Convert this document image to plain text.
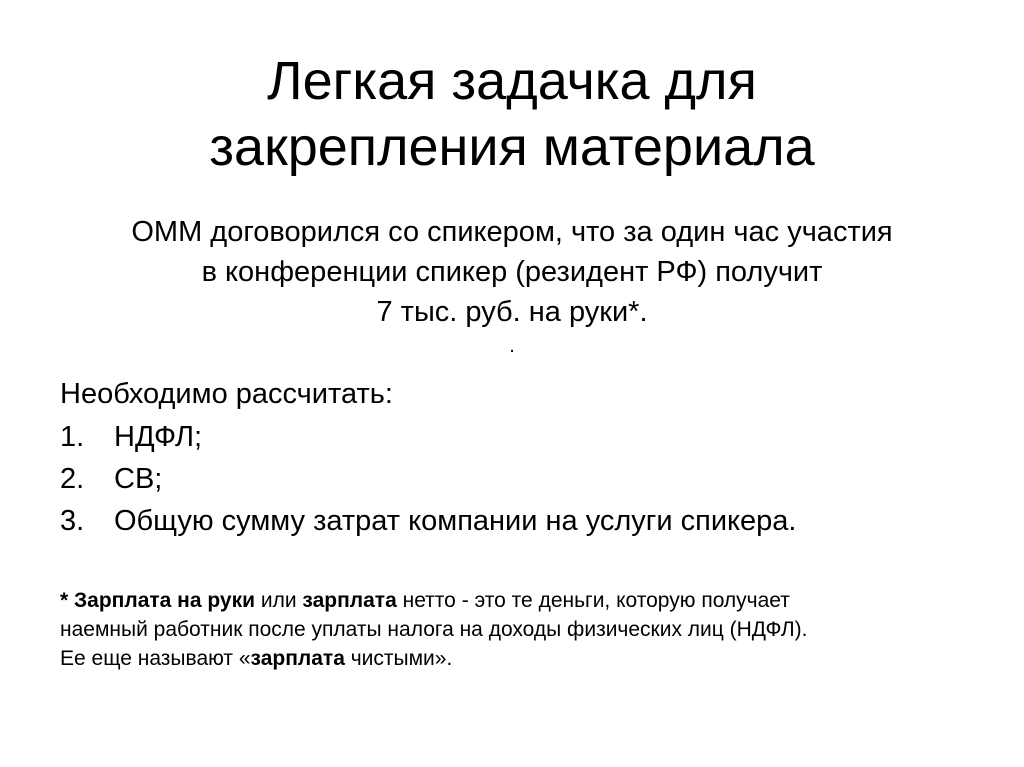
Легкая задачка для
закрепления материала
ОММ договорился со спикером, что за один час участия
в конференции спикер (резидент РФ) получит
7 тыс. руб. на руки*.
.
Необходимо рассчитать:
1.	НДФЛ;
2.	СВ;
3.	Общую сумму затрат компании на услуги спикера.
* Зарплата на руки или зарплата нетто - это те деньги, которую получает
наемный работник после уплаты налога на доходы физических лиц (НДФЛ).
Ее еще называют «зарплата чистыми».
